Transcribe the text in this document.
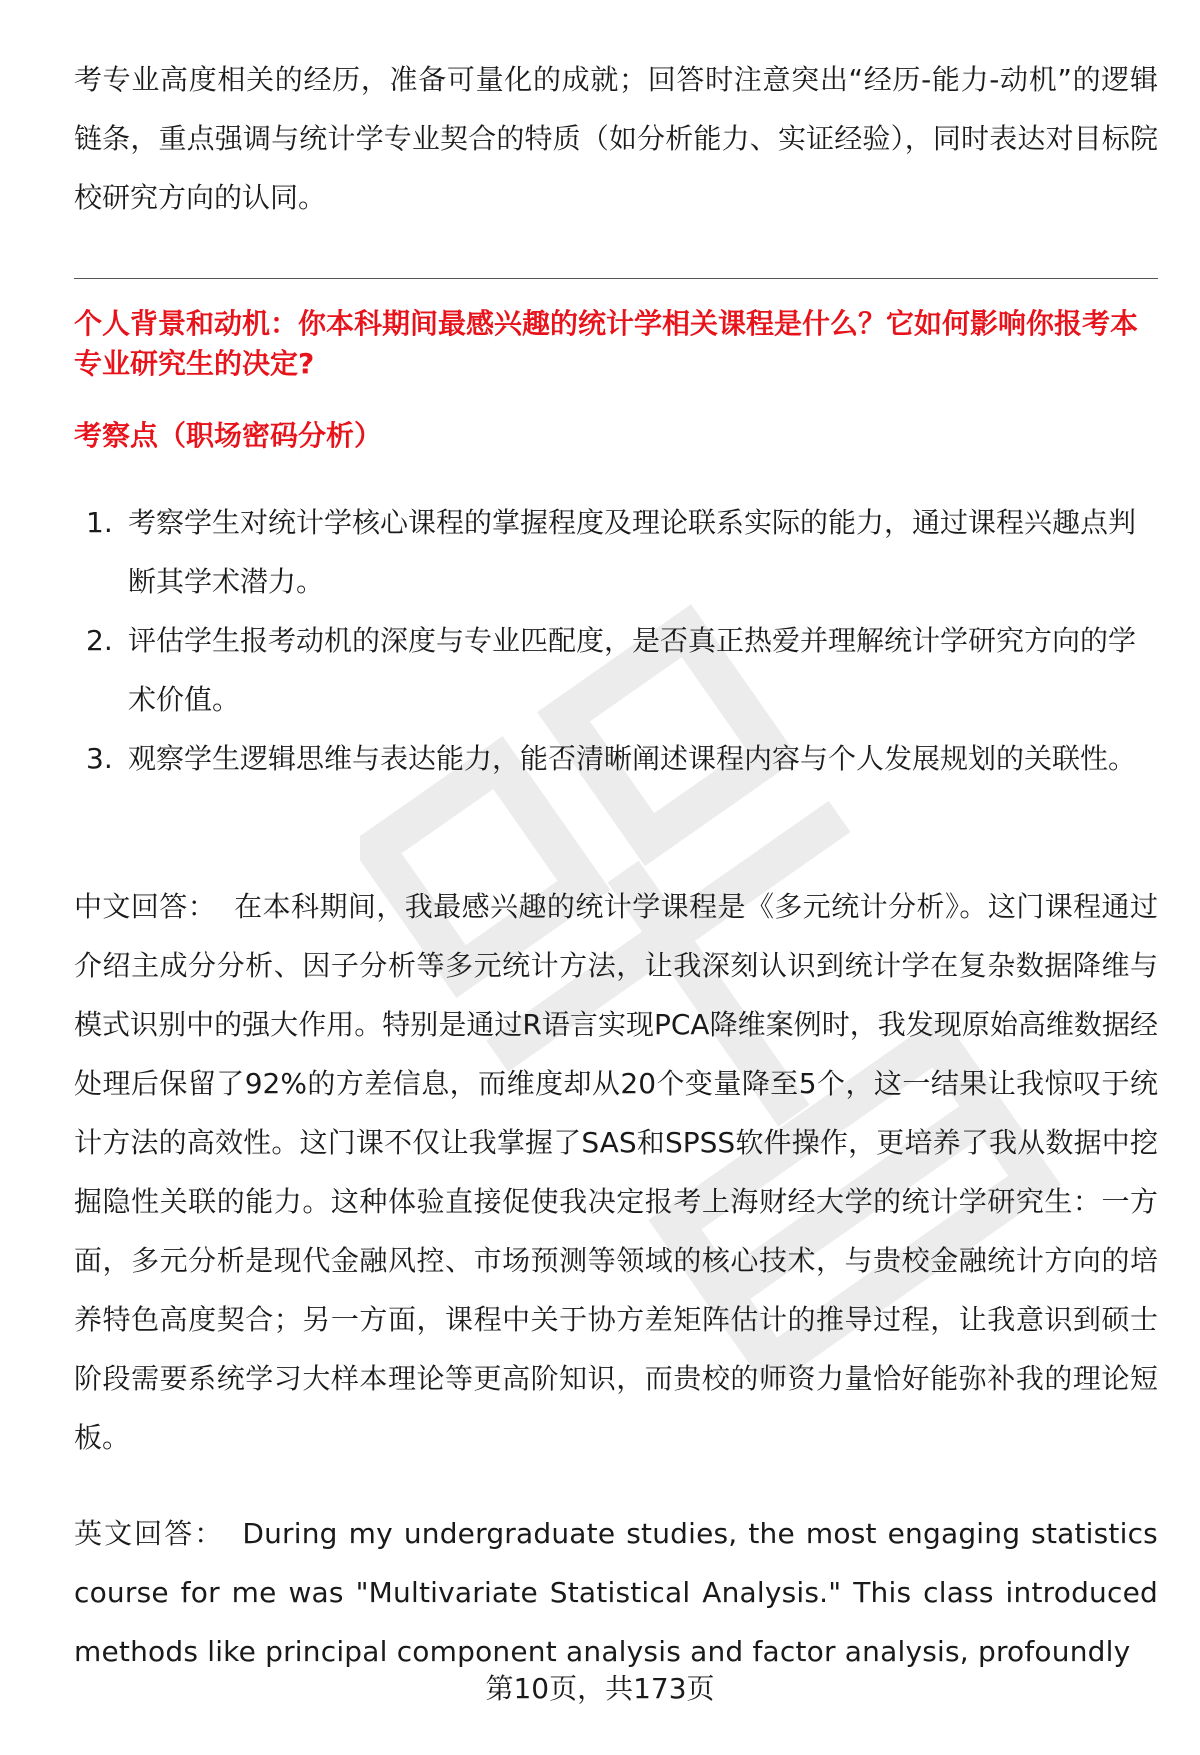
考专业高度相关的经历，准备可量化的成就；回答时注意突出“经历-能力-动机”的逻辑链条，重点强调与统计学专业契合的特质（如分析能力、实证经验），同时表达对目标院校研究方向的认同。

个人背景和动机：你本科期间最感兴趣的统计学相关课程是什么？它如何影响你报考本专业研究生的决定?

考察点（职场密码分析）

1. 考察学生对统计学核心课程的掌握程度及理论联系实际的能力，通过课程兴趣点判断其学术潜力。
2. 评估学生报考动机的深度与专业匹配度，是否真正热爱并理解统计学研究方向的学术价值。
3. 观察学生逻辑思维与表达能力，能否清晰阐述课程内容与个人发展规划的关联性。

中文回答： 在本科期间，我最感兴趣的统计学课程是《多元统计分析》。这门课程通过介绍主成分分析、因子分析等多元统计方法，让我深刻认识到统计学在复杂数据降维与模式识别中的强大作用。特别是通过R语言实现PCA降维案例时，我发现原始高维数据经处理后保留了92%的方差信息，而维度却从20个变量降至5个，这一结果让我惊叹于统计方法的高效性。这门课不仅让我掌握了SAS和SPSS软件操作，更培养了我从数据中挖掘隐性关联的能力。这种体验直接促使我决定报考上海财经大学的统计学研究生：一方面，多元分析是现代金融风控、市场预测等领域的核心技术，与贵校金融统计方向的培养特色高度契合；另一方面，课程中关于协方差矩阵估计的推导过程，让我意识到硕士阶段需要系统学习大样本理论等更高阶知识，而贵校的师资力量恰好能弥补我的理论短板。

英文回答： During my undergraduate studies, the most engaging statistics course for me was "Multivariate Statistical Analysis." This class introduced methods like principal component analysis and factor analysis, profoundly

第10页，共173页
